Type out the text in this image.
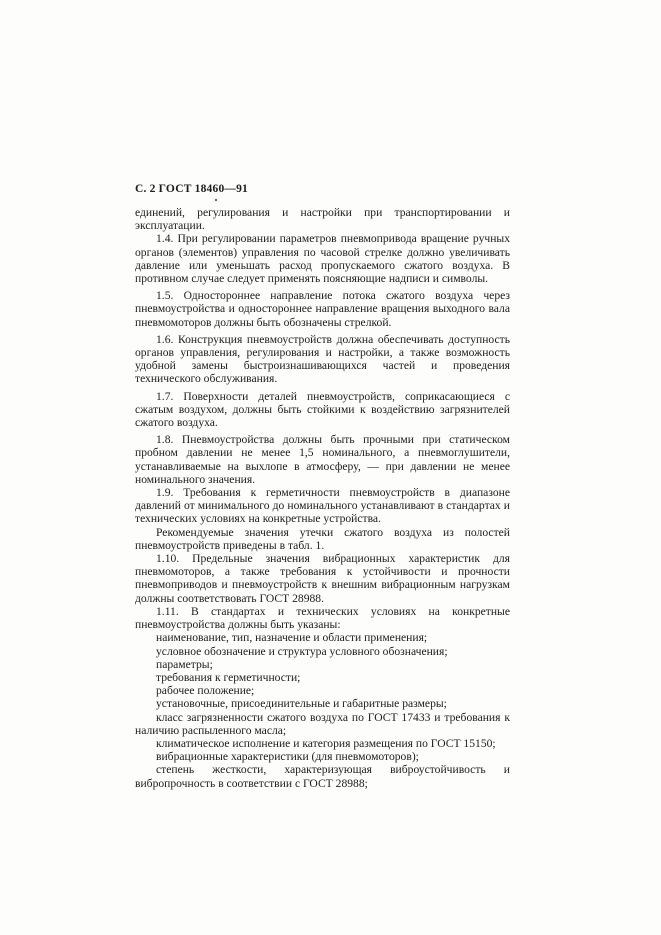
С. 2 ГОСТ 18460—91

единений, регулирования и настройки при транспортировании и эксплуатации.

1.4. При регулировании параметров пневмопривода вращение ручных органов (элементов) управления по часовой стрелке должно увеличивать давление или уменьшать расход пропускаемого сжатого воздуха. В противном случае следует применять поясняющие надписи и символы.

1.5. Одностороннее направление потока сжатого воздуха через пневмоустройства и одностороннее направление вращения выходного вала пневмомоторов должны быть обозначены стрелкой.

1.6. Конструкция пневмоустройств должна обеспечивать доступность органов управления, регулирования и настройки, а также возможность удобной замены быстроизнашивающихся частей и проведения технического обслуживания.

1.7. Поверхности деталей пневмоустройств, соприкасающиеся с сжатым воздухом, должны быть стойкими к воздействию загрязнителей сжатого воздуха.

1.8. Пневмоустройства должны быть прочными при статическом пробном давлении не менее 1,5 номинального, а пневмоглушители, устанавливаемые на выхлопе в атмосферу, — при давлении не менее номинального значения.

1.9. Требования к герметичности пневмоустройств в диапазоне давлений от минимального до номинального устанавливают в стандартах и технических условиях на конкретные устройства.

Рекомендуемые значения утечки сжатого воздуха из полостей пневмоустройств приведены в табл. 1.

1.10. Предельные значения вибрационных характеристик для пневмомоторов, а также требования к устойчивости и прочности пневмоприводов и пневмоустройств к внешним вибрационным нагрузкам должны соответствовать ГОСТ 28988.

1.11. В стандартах и технических условиях на конкретные пневмоустройства должны быть указаны:

наименование, тип, назначение и области применения;

условное обозначение и структура условного обозначения;

параметры;

требования к герметичности;

рабочее положение;

установочные, присоединительные и габаритные размеры;

класс загрязненности сжатого воздуха по ГОСТ 17433 и требования к наличию распыленного масла;

климатическое исполнение и категория размещения по ГОСТ 15150;

вибрационные характеристики (для пневмомоторов);

степень жесткости, характеризующая виброустойчивость и вибропрочность в соответствии с ГОСТ 28988;
